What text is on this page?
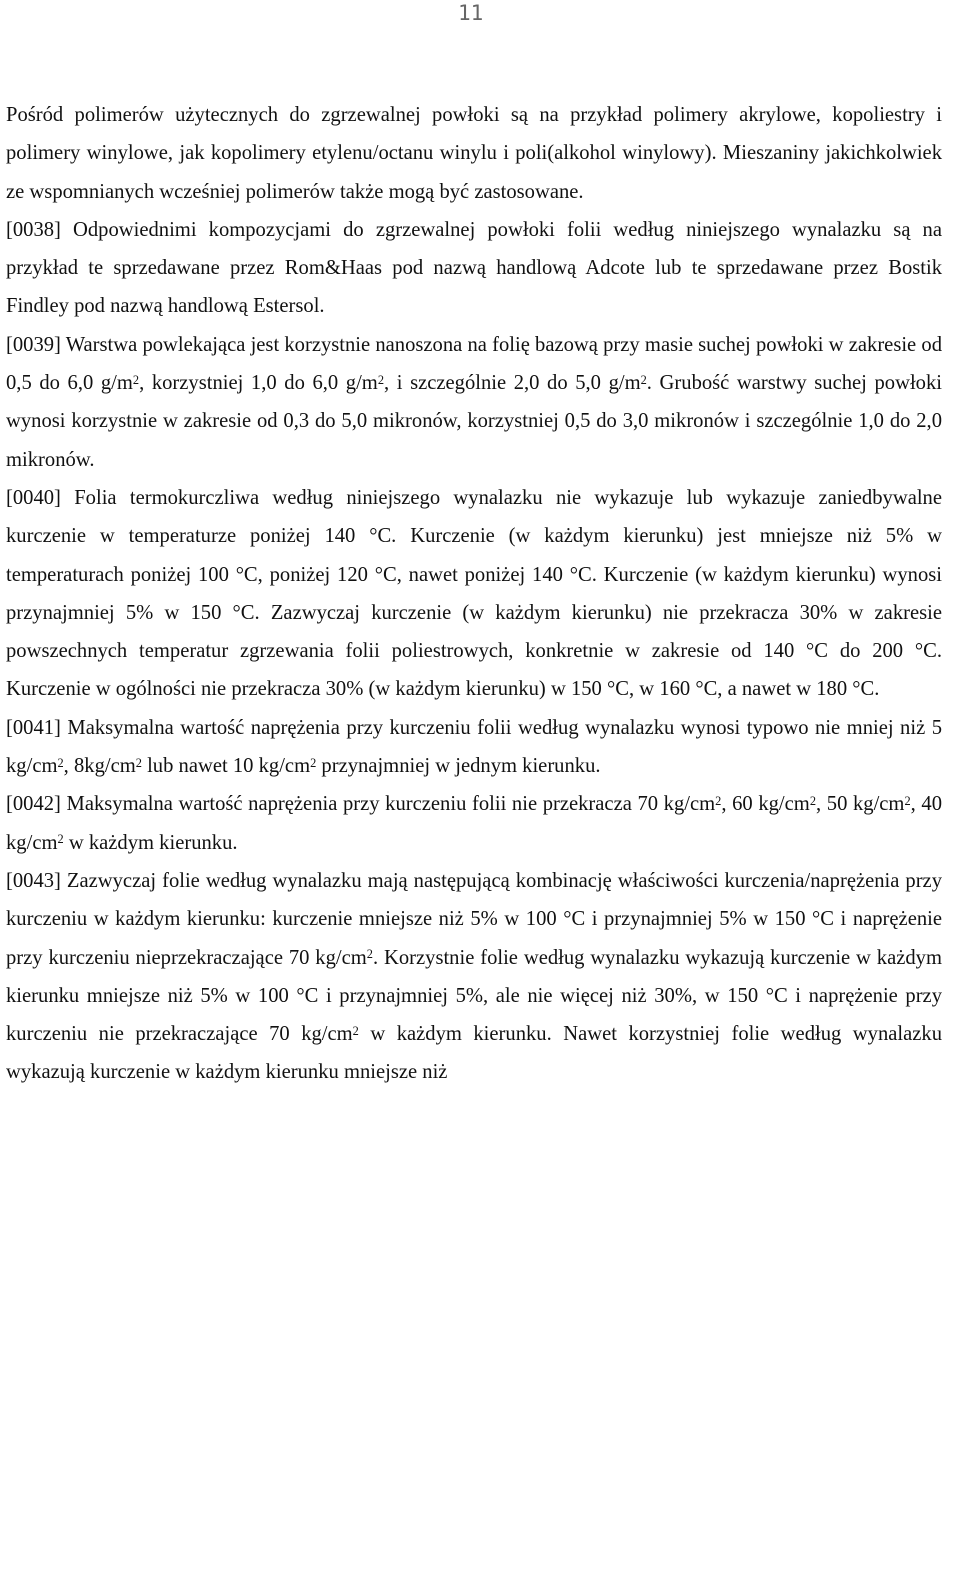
11

Pośród polimerów użytecznych do zgrzewalnej powłoki są na przykład polimery akrylowe, kopoliestry i polimery winylowe, jak kopolimery etylenu/octanu winylu i poli(alkohol winylowy). Mieszaniny jakichkolwiek ze wspomnianych wcześniej polimerów także mogą być zastosowane.

[0038] Odpowiednimi kompozycjami do zgrzewalnej powłoki folii według niniejszego wynalazku są na przykład te sprzedawane przez Rom&Haas pod nazwą handlową Adcote lub te sprzedawane przez Bostik Findley pod nazwą handlową Estersol.

[0039] Warstwa powlekająca jest korzystnie nanoszona na folię bazową przy masie suchej powłoki w zakresie od 0,5 do 6,0 $g/m^2$, korzystniej 1,0 do 6,0 $g/m^2$, i szczególnie 2,0 do 5,0 $g/m^2$. Grubość warstwy suchej powłoki wynosi korzystnie w zakresie od 0,3 do 5,0 mikronów, korzystniej 0,5 do 3,0 mikronów i szczególnie 1,0 do 2,0 mikronów.

[0040] Folia termokurczliwa według niniejszego wynalazku nie wykazuje lub wykazuje zaniedbywalne kurczenie w temperaturze poniżej 140 °C. Kurczenie (w każdym kierunku) jest mniejsze niż 5% w temperaturach poniżej 100 °C, poniżej 120 °C, nawet poniżej 140 °C. Kurczenie (w każdym kierunku) wynosi przynajmniej 5% w 150 °C. Zazwyczaj kurczenie (w każdym kierunku) nie przekracza 30% w zakresie powszechnych temperatur zgrzewania folii poliestrowych, konkretnie w zakresie od 140 °C do 200 °C. Kurczenie w ogólności nie przekracza 30% (w każdym kierunku) w 150 °C, w 160 °C, a nawet w 180 °C.

[0041] Maksymalna wartość naprężenia przy kurczeniu folii według wynalazku wynosi typowo nie mniej niż 5 $kg/cm^2$, $8kg/cm^2$ lub nawet 10 $kg/cm^2$ przynajmniej w jednym kierunku.

[0042] Maksymalna wartość naprężenia przy kurczeniu folii nie przekracza 70 $kg/cm^2$, 60 $kg/cm^2$, 50 $kg/cm^2$, 40 $kg/cm^2$ w każdym kierunku.

[0043] Zazwyczaj folie według wynalazku mają następującą kombinację właściwości kurczenia/naprężenia przy kurczeniu w każdym kierunku: kurczenie mniejsze niż 5% w 100 °C i przynajmniej 5% w 150 °C i naprężenie przy kurczeniu nieprzekraczające 70 $kg/cm^2$. Korzystnie folie według wynalazku wykazują kurczenie w każdym kierunku mniejsze niż 5% w 100 °C i przynajmniej 5%, ale nie więcej niż 30%, w 150 °C i naprężenie przy kurczeniu nie przekraczające 70 $kg/cm^2$ w każdym kierunku. Nawet korzystniej folie według wynalazku wykazują kurczenie w każdym kierunku mniejsze niż
